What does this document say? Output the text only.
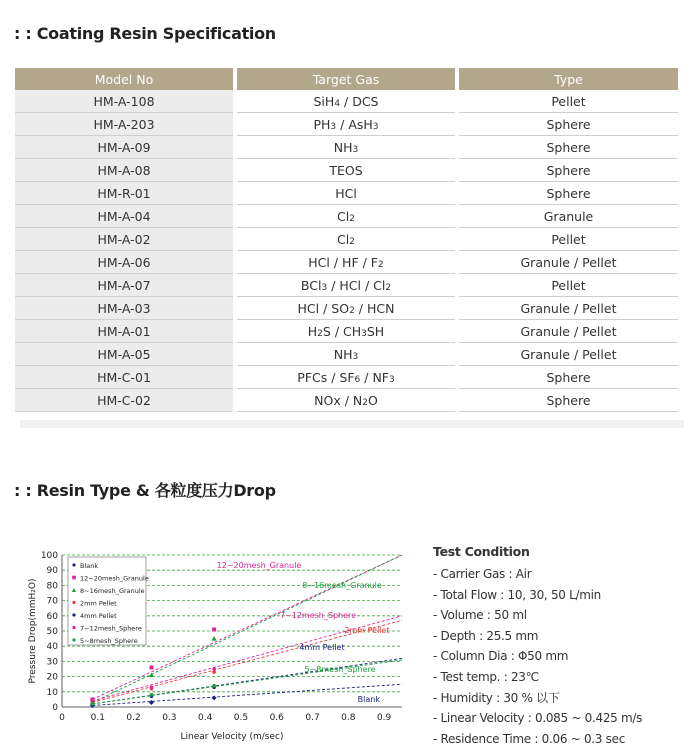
: : Coating Resin Specification
Model No		Target Gas		Type
HM-A-108		SiH4 / DCS		Pellet
HM-A-203		PH3 / AsH3		Sphere
HM-A-09		NH3		Sphere
HM-A-08		TEOS		Sphere
HM-R-01		HCl		Sphere
HM-A-04		Cl2		Granule
HM-A-02		Cl2		Pellet
HM-A-06		HCl / HF / F2		Granule / Pellet
HM-A-07		BCl3 / HCl / Cl2		Pellet
HM-A-03		HCl / SO2 / HCN		Granule / Pellet
HM-A-01		H2S / CH3SH		Granule / Pellet
HM-A-05		NH3		Granule / Pellet
HM-C-01		PFCs / SF6 / NF3		Sphere
HM-C-02		NOx / N2O		Sphere
: : Resin Type & 各粒度压力Drop
0
10
20
30
40
50
60
70
80
90
100
0	0.1 0.2 0.3 0.4 0.5 0.6 0.7 0.8 0.9
Linear Velocity (m/sec)
Pressure Drop(mmH₂O)
Blank
12~20mesh_Granule
8~16mesh_Granule
2mm Pellet
4mm Pellet
7~12mesh_Sphere
5~8mesh_Sphere
Blank
12~20mesh_Granule
8~16mesh_Granule
2mm Pellet
4mm Pellet
7~12mesh_Sphere
5~8mesh_Sphere
Test Condition
- Carrier Gas : Air
- Total Flow : 10, 30, 50 L/min
- Volume : 50 ml
- Depth : 25.5 mm
- Column Dia : Φ50 mm
- Test temp. : 23℃
- Humidity : 30 % 以下
- Linear Velocity : 0.085 ~ 0.425 m/s
- Residence Time : 0.06 ~ 0.3 sec
